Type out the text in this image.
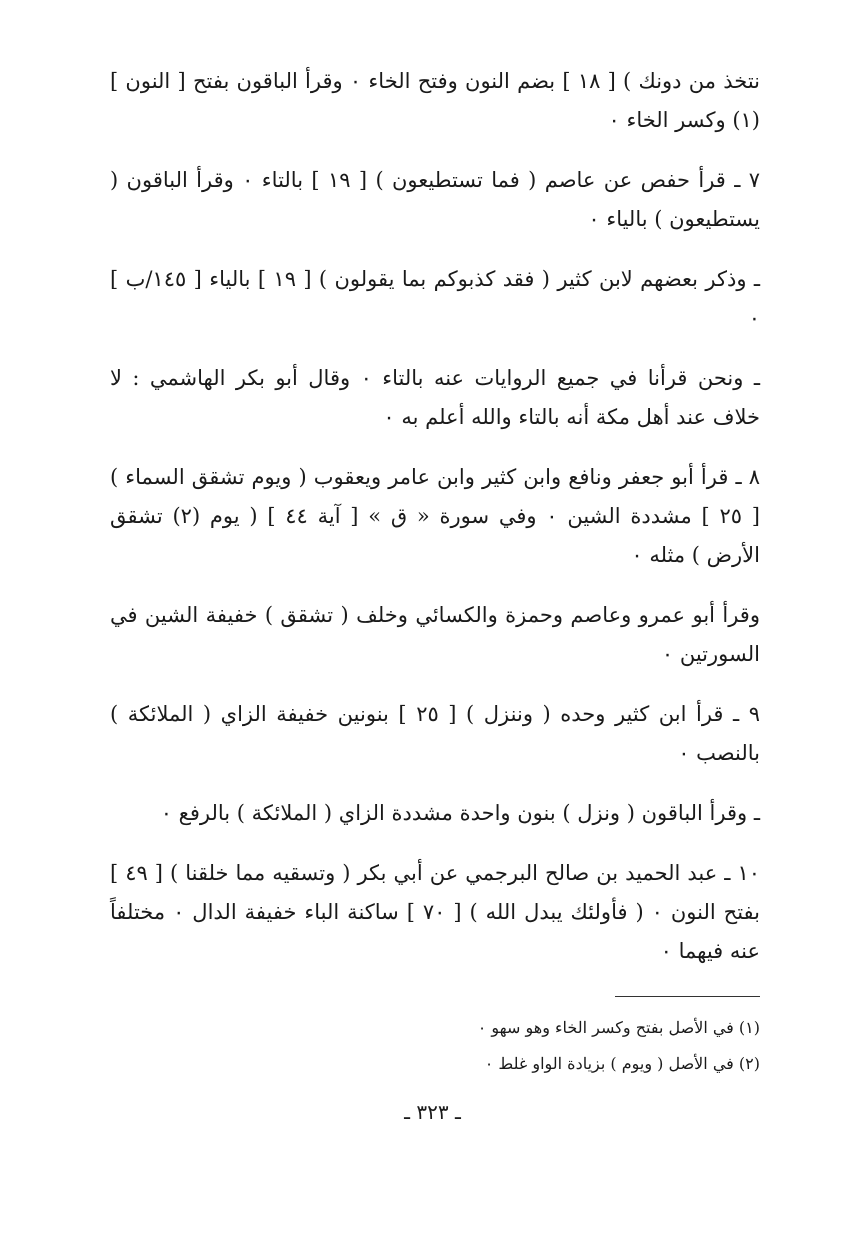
نتخذ من دونك ) [ ١٨ ] بضم النون وفتح الخاء ٠ وقرأ الباقون بفتح [ النون ] (١) وكسر الخاء ٠

٧ ـ قرأ حفص عن عاصم ( فما تستطيعون ) [ ١٩ ] بالتاء ٠ وقرأ الباقون ( يستطيعون ) بالياء ٠

ـ وذكر بعضهم لابن كثير ( فقد كذبوكم بما يقولون ) [ ١٩ ] بالياء [ ١٤٥/ب ] ٠

ـ ونحن قرأنا في جميع الروايات عنه بالتاء ٠ وقال أبو بكر الهاشمي : لا خلاف عند أهل مكة أنه بالتاء والله أعلم به ٠

٨ ـ قرأ أبو جعفر ونافع وابن كثير وابن عامر ويعقوب ( ويوم تشقق السماء ) [ ٢٥ ] مشددة الشين ٠ وفي سورة « ق » [ آية ٤٤ ] ( يوم (٢) تشقق الأرض ) مثله ٠

وقرأ أبو عمرو وعاصم وحمزة والكسائي وخلف ( تشقق ) خفيفة الشين في السورتين ٠

٩ ـ قرأ ابن كثير وحده ( وننزل ) [ ٢٥ ] بنونين خفيفة الزاي ( الملائكة ) بالنصب ٠

ـ وقرأ الباقون ( ونزل ) بنون واحدة مشددة الزاي ( الملائكة ) بالرفع ٠

١٠ ـ عبد الحميد بن صالح البرجمي عن أبي بكر ( وتسقيه مما خلقنا ) [ ٤٩ ] بفتح النون ٠ ( فأولئك يبدل الله ) [ ٧٠ ] ساكنة الباء خفيفة الدال ٠ مختلفاً عنه فيهما ٠

(١) في الأصل بفتح وكسر الخاء وهو سهو ٠

(٢) في الأصل ( ويوم ) بزيادة الواو غلط ٠

ـ ٣٢٣ ـ
